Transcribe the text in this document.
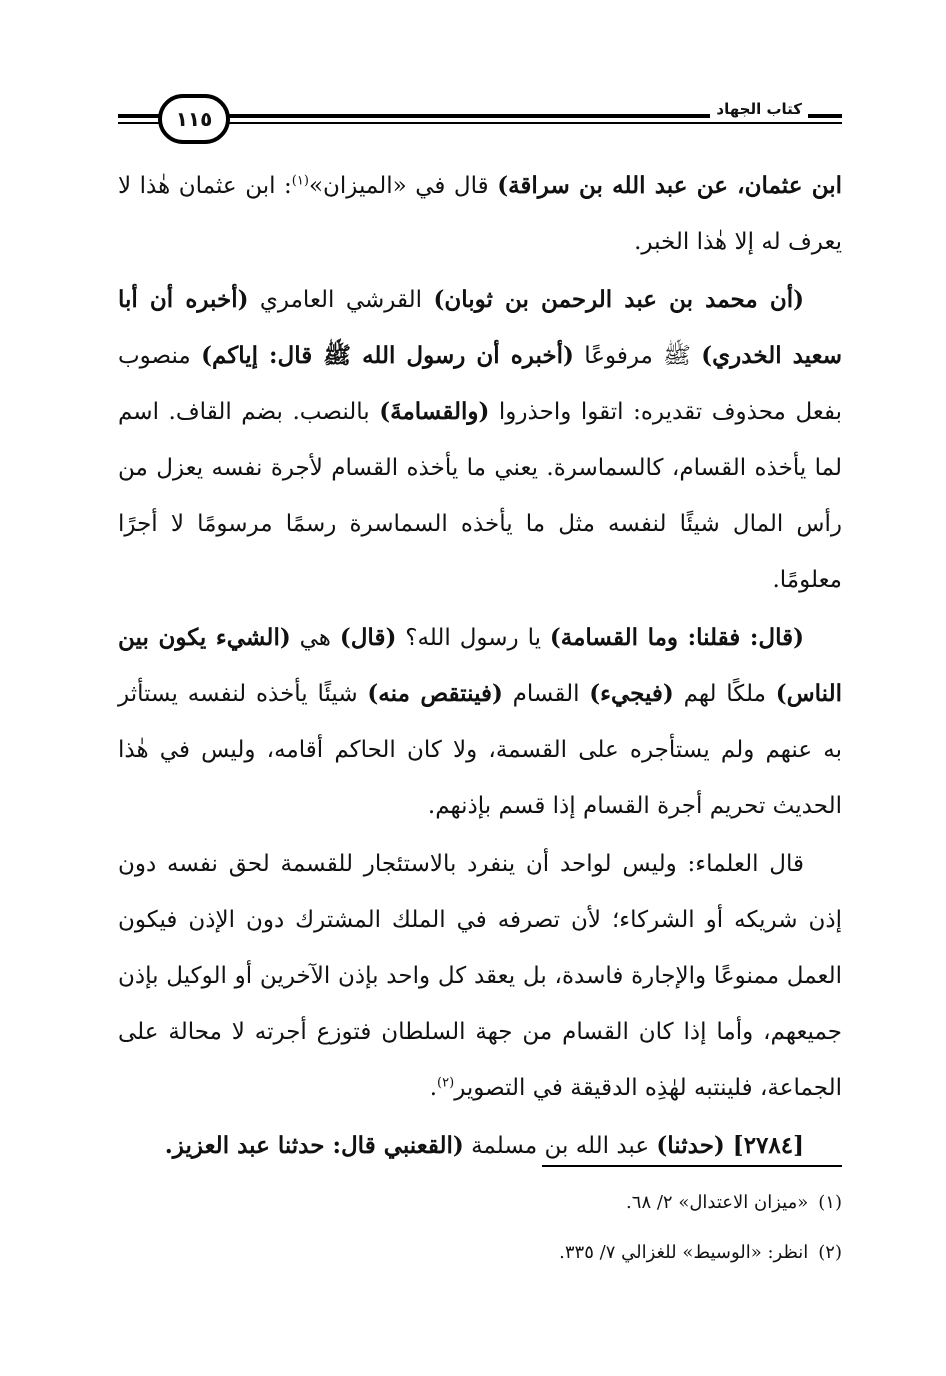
١١٥	كتاب الجهاد

ابن عثمان، عن عبد الله بن سراقة) قال في «الميزان»$^{(١)}$: ابن عثمان هٰذا لا يعرف له إلا هٰذا الخبر.

(أن محمد بن عبد الرحمن بن ثوبان) القرشي العامري (أخبره أن أبا سعيد الخدري) ﷺ مرفوعًا (أخبره أن رسول الله ﷺ قال: إياكم) منصوب بفعل محذوف تقديره: اتقوا واحذروا (والقسامةَ) بالنصب. بضم القاف. اسم لما يأخذه القسام، كالسماسرة. يعني ما يأخذه القسام لأجرة نفسه يعزل من رأس المال شيئًا لنفسه مثل ما يأخذه السماسرة رسمًا مرسومًا لا أجرًا معلومًا.

(قال: فقلنا: وما القسامة) يا رسول الله؟ (قال) هي (الشيء يكون بين الناس) ملكًا لهم (فيجيء) القسام (فينتقص منه) شيئًا يأخذه لنفسه يستأثر به عنهم ولم يستأجره على القسمة، ولا كان الحاكم أقامه، وليس في هٰذا الحديث تحريم أجرة القسام إذا قسم بإذنهم.

قال العلماء: وليس لواحد أن ينفرد بالاستئجار للقسمة لحق نفسه دون إذن شريكه أو الشركاء؛ لأن تصرفه في الملك المشترك دون الإذن فيكون العمل ممنوعًا والإجارة فاسدة، بل يعقد كل واحد بإذن الآخرين أو الوكيل بإذن جميعهم، وأما إذا كان القسام من جهة السلطان فتوزع أجرته لا محالة على الجماعة، فلينتبه لهٰذِه الدقيقة في التصوير$^{(٢)}$.

[٢٧٨٤] (حدثنا) عبد الله بن مسلمة (القعنبي قال: حدثنا عبد العزيز.

(١)«ميزان الاعتدال» ٢/ ٦٨.

(٢)انظر: «الوسيط» للغزالي ٧/ ٣٣٥.
